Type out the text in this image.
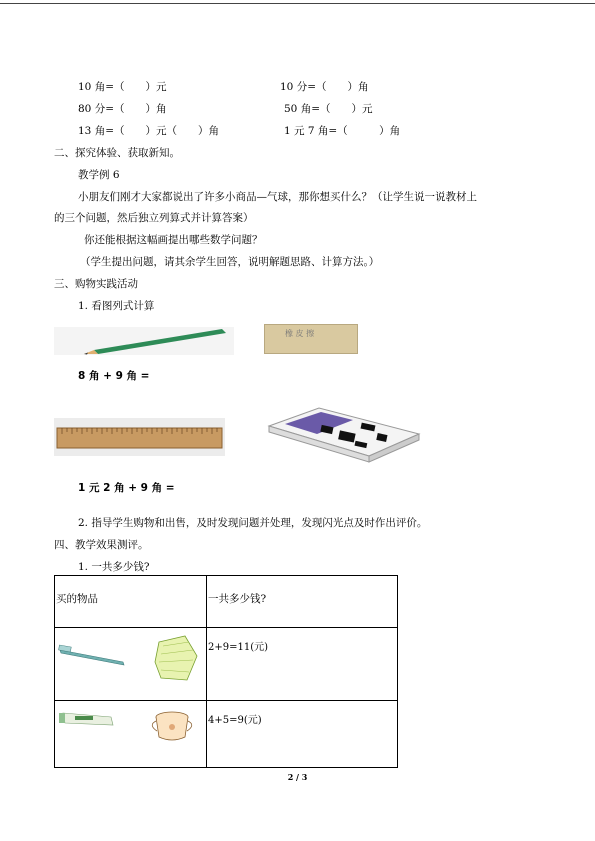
10 角=（　　）元	10 分=（　　）角
80 分=（　　）角	50 角=（　　）元
13 角=（　　）元（　　）角	1 元 7 角=（　　　）角
二、探究体验、获取新知。
教学例 6
小朋友们刚才大家都说出了许多小商品—气球，那你想买什么？（让学生说一说教材上
的三个问题，然后独立列算式并计算答案）
你还能根据这幅画提出哪些数学问题？
（学生提出问题，请其余学生回答，说明解题思路、计算方法。）
三、购物实践活动
1. 看图列式计算
橡 皮 擦
8 角 + 9 角 =
1 元 2 角 + 9 角 =
2. 指导学生购物和出售，及时发现问题并处理，发现闪光点及时作出评价。
四、教学效果测评。
1. 一共多少钱?
买的物品	一共多少钱?
	2+9=11(元)
	4+5=9(元)
2 / 3
